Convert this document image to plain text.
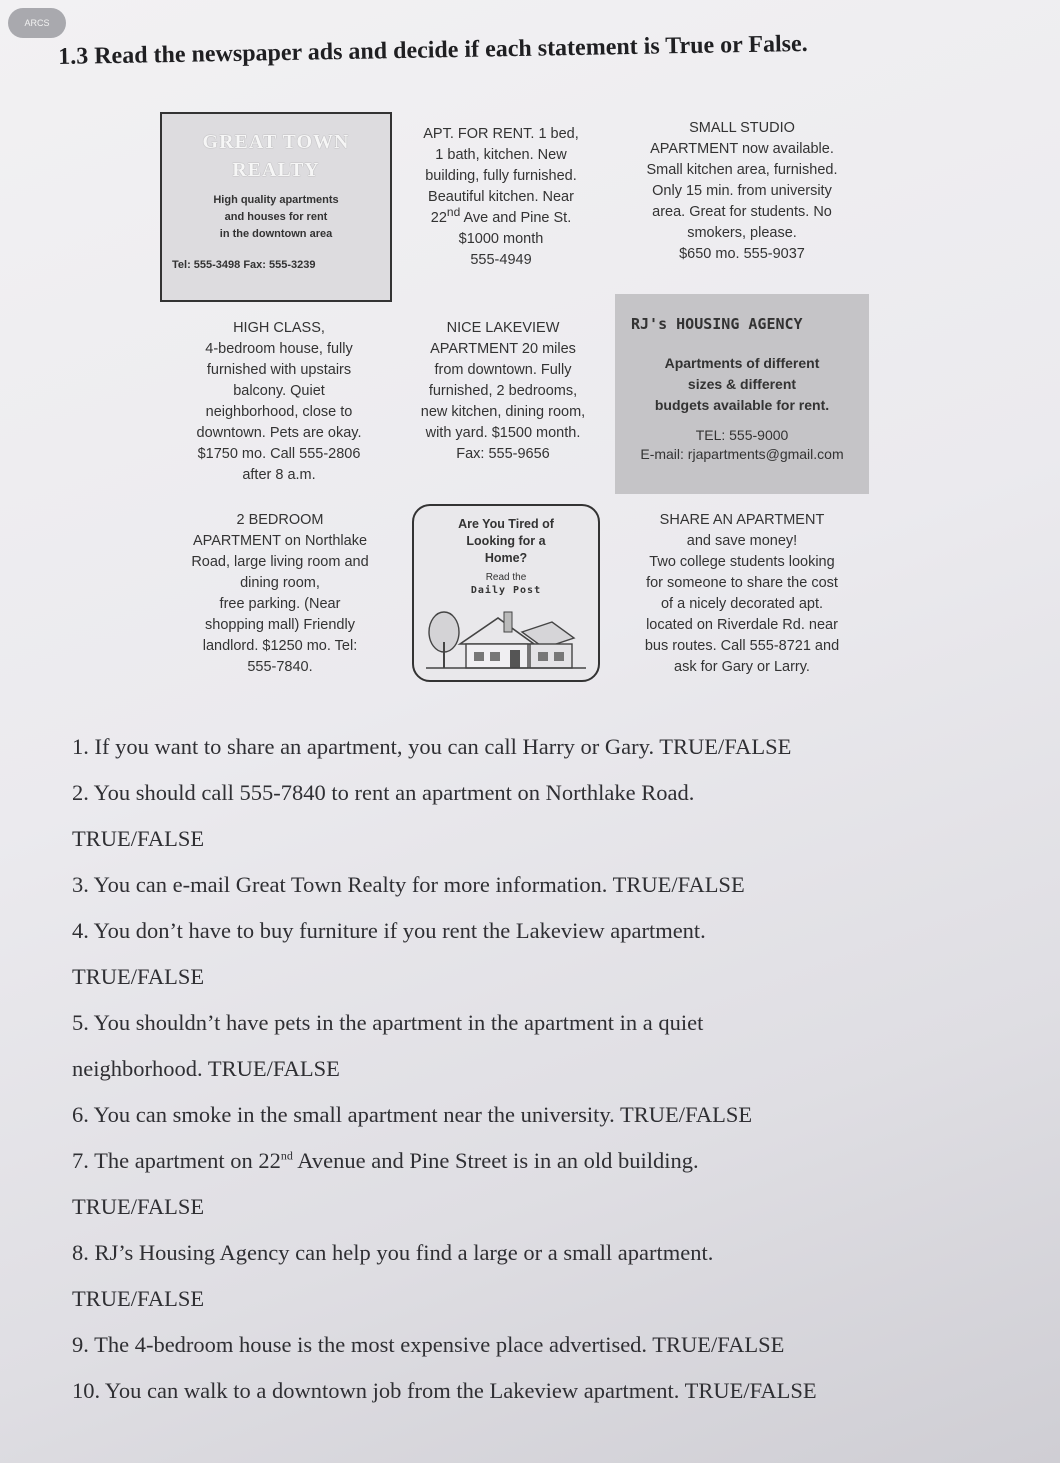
ARCS
1.3 Read the newspaper ads and decide if each statement is True or False.
GREAT TOWN
REALTY
High quality apartments
and houses for rent
in the downtown area
Tel: 555-3498 Fax: 555-3239
APT. FOR RENT. 1 bed,
1 bath, kitchen. New
building, fully furnished.
Beautiful kitchen. Near
22nd Ave and Pine St.
$1000 month
555-4949
SMALL STUDIO
APARTMENT now available.
Small kitchen area, furnished.
Only 15 min. from university
area. Great for students. No
smokers, please.
$650 mo. 555-9037
HIGH CLASS,
4-bedroom house, fully
furnished with upstairs
balcony. Quiet
neighborhood, close to
downtown. Pets are okay.
$1750 mo. Call 555-2806
after 8 a.m.
NICE LAKEVIEW
APARTMENT 20 miles
from downtown. Fully
furnished, 2 bedrooms,
new kitchen, dining room,
with yard. $1500 month.
Fax: 555-9656
RJ's HOUSING AGENCY
Apartments of different
sizes & different
budgets available for rent.
TEL: 555-9000
E-mail: rjapartments@gmail.com
2 BEDROOM
APARTMENT on Northlake
Road, large living room and
dining room,
free parking. (Near
shopping mall) Friendly
landlord. $1250 mo. Tel:
555-7840.
Are You Tired of
Looking for a
Home?
Read the
Daily Post
SHARE AN APARTMENT
and save money!
Two college students looking
for someone to share the cost
of a nicely decorated apt.
located on Riverdale Rd. near
bus routes. Call 555-8721 and
ask for Gary or Larry.
1. If you want to share an apartment, you can call Harry or Gary. TRUE/FALSE
2. You should call 555-7840 to rent an apartment on Northlake Road.
TRUE/FALSE
3. You can e-mail Great Town Realty for more information. TRUE/FALSE
4. You don’t have to buy furniture if you rent the Lakeview apartment.
TRUE/FALSE
5. You shouldn’t have pets in the apartment in the apartment in a quiet
neighborhood. TRUE/FALSE
6. You can smoke in the small apartment near the university. TRUE/FALSE
7. The apartment on 22nd Avenue and Pine Street is in an old building.
TRUE/FALSE
8. RJ’s Housing Agency can help you find a large or a small apartment.
TRUE/FALSE
9. The 4-bedroom house is the most expensive place advertised. TRUE/FALSE
10. You can walk to a downtown job from the Lakeview apartment. TRUE/FALSE
